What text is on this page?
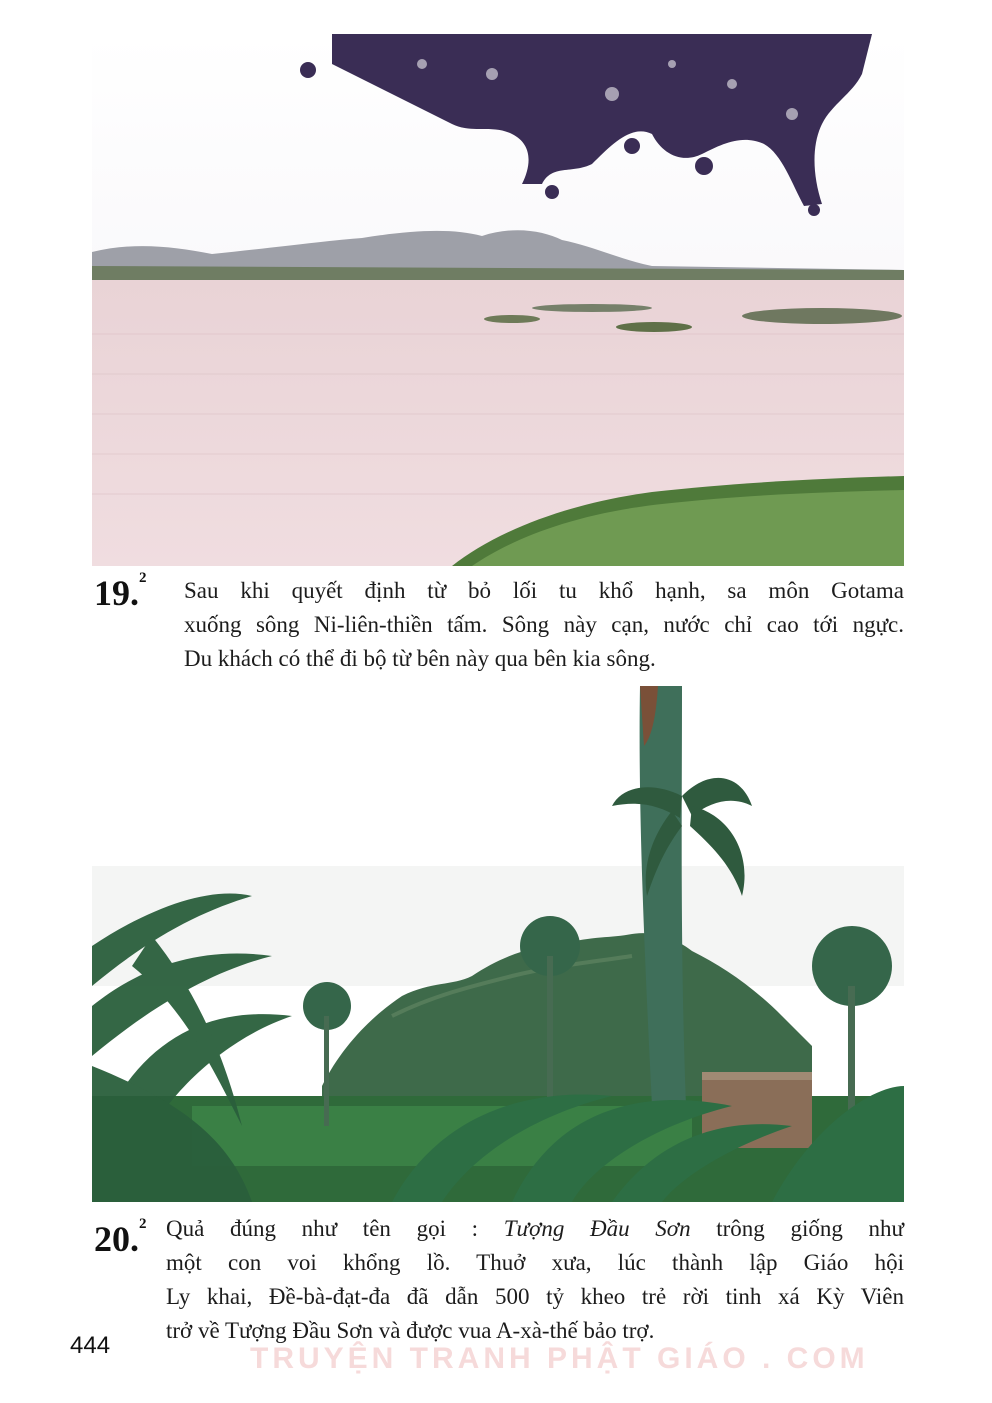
19.$^2$ Sau khi quyết định từ bỏ lối tu khổ hạnh, sa môn Gotama
xuống sông Ni-liên-thiền tấm. Sông này cạn, nước chỉ cao tới ngực.
Du khách có thể đi bộ từ bên này qua bên kia sông.
20.$^2$ Quả đúng như tên gọi : Tượng Đầu Sơn trông giống như
một con voi khổng lồ. Thuở xưa, lúc thành lập Giáo hội
Ly khai, Đề-bà-đạt-đa đã dẫn 500 tỷ kheo trẻ rời tinh xá Kỳ Viên
trở về Tượng Đầu Sơn và được vua A-xà-thế bảo trợ.
444	TRUYỆN TRANH PHẬT GIÁO . COM
